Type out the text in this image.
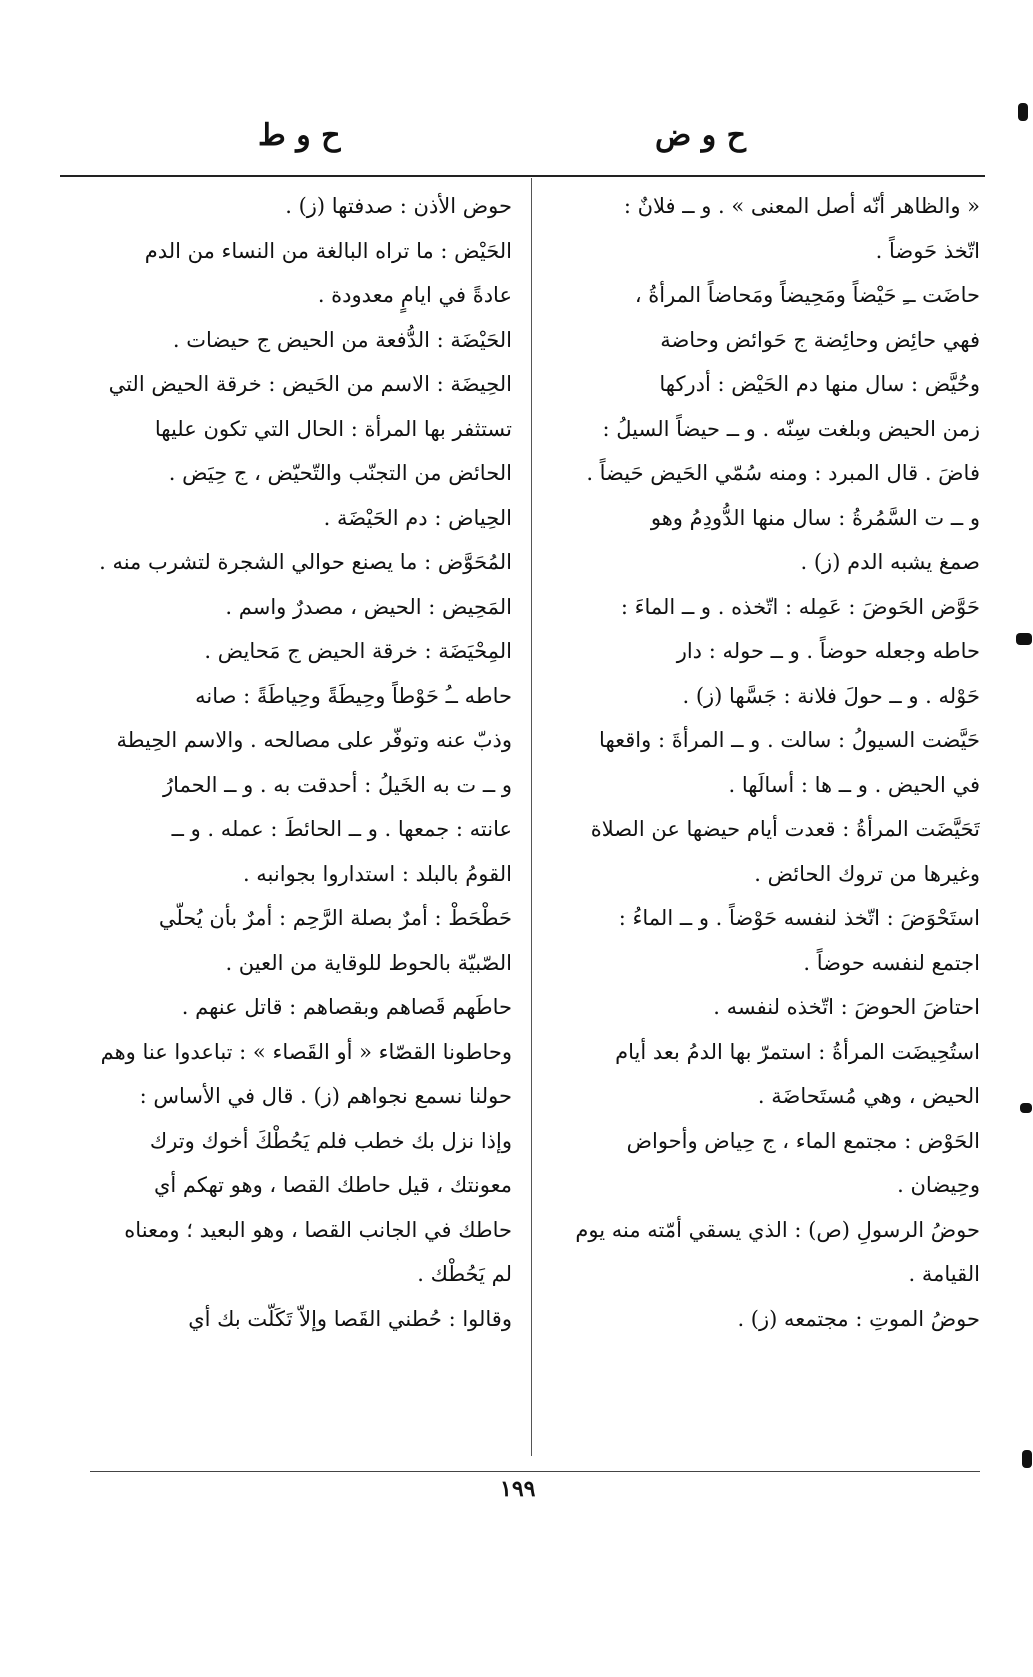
ح و ض
ح و ط
« والظاهر أنّه أصل المعنى » . و ــ فلانٌ :
اتّخذ حَوضاً .
حاضَت ــِ حَيْضاً ومَحِيضاً ومَحاضاً المرأةُ ،
فهي حائِض وحائِضة ج حَوائض وحاضة
وحُيَّض : سال منها دم الحَيْض : أدركها
زمن الحيض وبلغت سِنّه . و ــ حيضاً السيلُ :
فاضَ . قال المبرد : ومنه سُمّي الحَيض حَيضاً .
و ــ ت السَّمُرةُ : سال منها الدُّودِمُ وهو
صمغ يشبه الدم (ز) .
حَوَّض الحَوضَ : عَمِله : اتّخذه . و ــ الماءَ :
حاطه وجعله حوضاً . و ــ حوله : دار
حَوْله . و ــ حولَ فلانة : جَسَّها (ز) .
حَيَّضت السيولُ : سالت . و ــ المرأةَ : واقعها
في الحيض . و ــ ها : أسالَها .
تَحَيَّضَت المرأةُ : قعدت أيام حيضها عن الصلاة
وغيرها من تروك الحائض .
استَحْوَضَ : اتّخذ لنفسه حَوْضاً . و ــ الماءُ :
اجتمع لنفسه حوضاً .
احتاضَ الحوضَ : اتّخذه لنفسه .
استُحِيضَت المرأةُ : استمرّ بها الدمُ بعد أيام
الحيض ، وهي مُستَحاضَة .
الحَوْض : مجتمع الماء ، ج حِياض وأحواض
وحِيضان .
حوضُ الرسولِ (ص) : الذي يسقي أمّته منه يوم
القيامة .
حوضُ الموتِ : مجتمعه (ز) .
حوض الأذن : صدفتها (ز) .
الحَيْض : ما تراه البالغة من النساء من الدم
عادةً في ايامٍ معدودة .
الحَيْضَة : الدُّفعة من الحيض ج حيضات .
الحِيضَة : الاسم من الحَيض : خرقة الحيض التي
تستثفر بها المرأة : الحال التي تكون عليها
الحائض من التجنّب والتّحيّض ، ج حِيَض .
الحِياض : دم الحَيْضَة .
المُحَوَّض : ما يصنع حوالي الشجرة لتشرب منه .
المَحِيض : الحيض ، مصدرٌ واسم .
المِحْيَضَة : خرقة الحيض ج مَحايض .
حاطه ــُ حَوْطاً وحِيطَةً وحِياطَةً : صانه
وذبّ عنه وتوفّر على مصالحه . والاسم الحِيطة
و ــ ت به الخَيلُ : أحدقت به . و ــ الحمارُ
عانته : جمعها . و ــ الحائطَ : عمله . و ــ
القومُ بالبلد : استداروا بجوانبه .
حَطْحَطْ : أمرٌ بصلة الرَّحِم : أمرٌ بأن يُحلّي
الصّبيّة بالحوط للوقاية من العين .
حاطَهم قَصاهم وبقصاهم : قاتل عنهم .
وحاطونا القصّاء « أو القَصاء » : تباعدوا عنا وهم
حولنا نسمع نجواهم (ز) . قال في الأساس :
وإذا نزل بك خطب فلم يَحُطْكَ أخوك وترك
معونتك ، قيل حاطك القصا ، وهو تهكم أي
حاطك في الجانب القصا ، وهو البعيد ؛ ومعناه
لم يَحُطْك .
وقالوا : حُطني القَصا وإلاّ تَكَلّت بك أي
١٩٩
